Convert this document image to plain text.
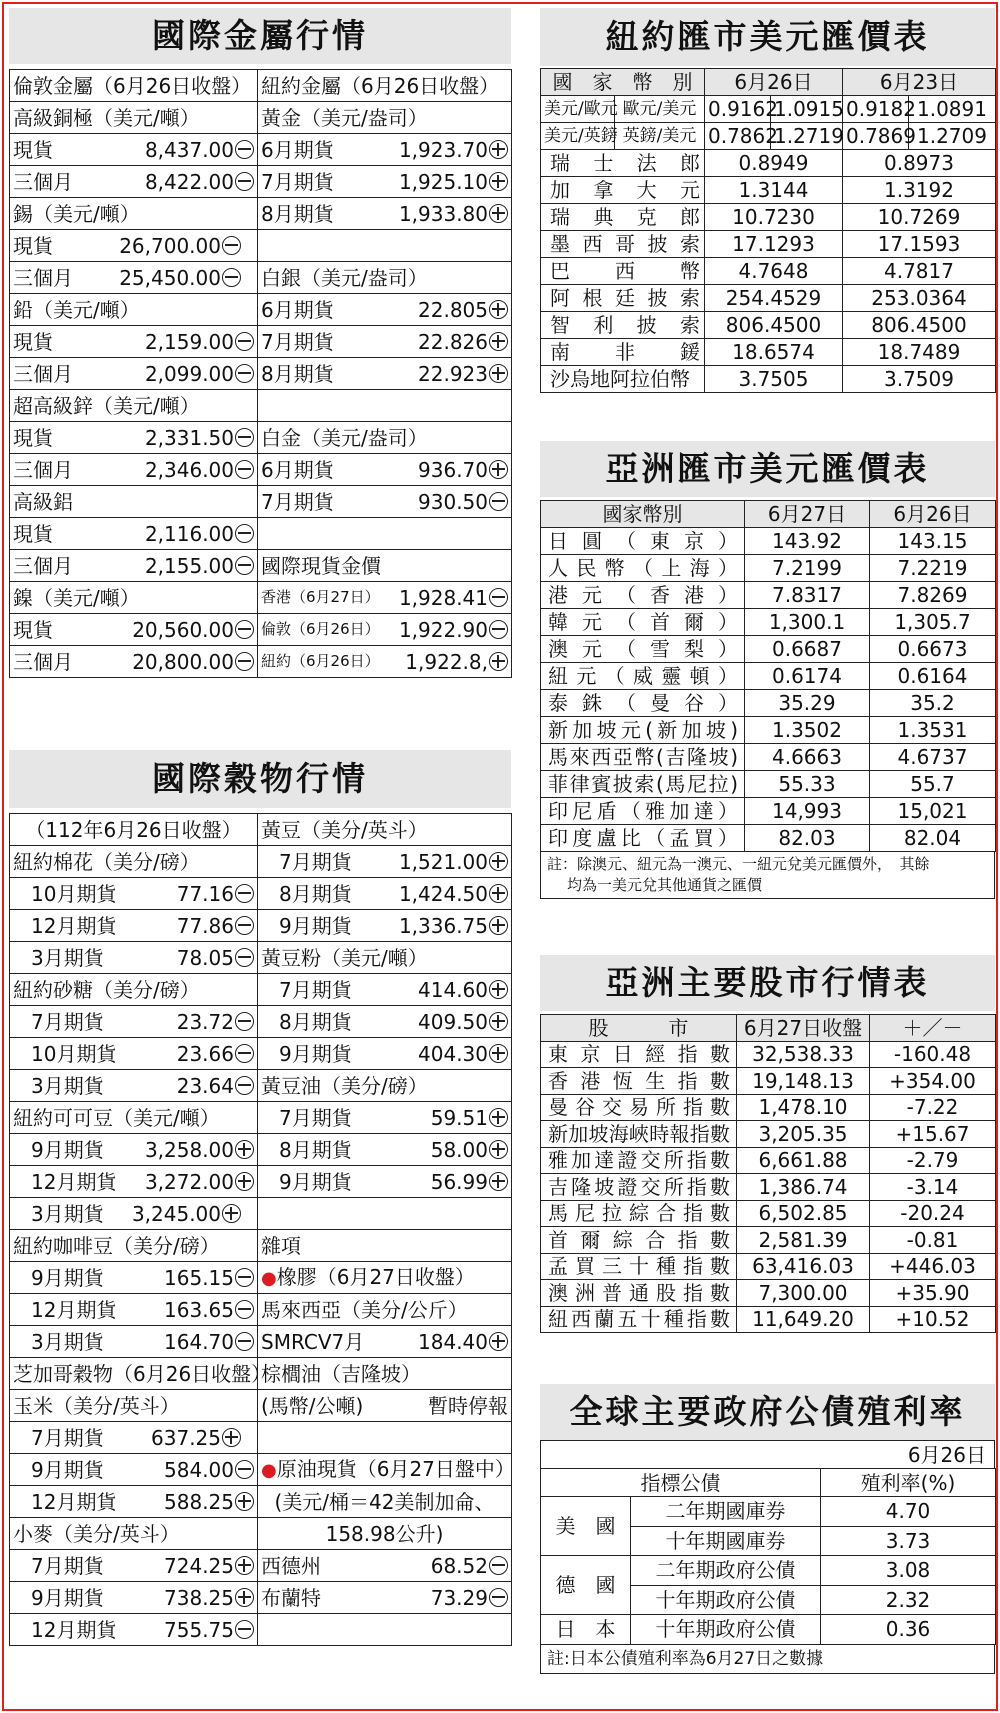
國際金屬行情
倫敦金屬（6月26日收盤）	紐約金屬（6月26日收盤）
高級銅極（美元/噸）	黃金（美元/盎司）

現貨 8,437.00	6月期貨 1,923.70

三個月 8,422.00	7月期貨 1,925.10

錫（美元/噸）	8月期貨 1,933.80

現貨 26,700.00	

三個月 25,450.00	白銀（美元/盎司）
鉛（美元/噸）	6月期貨 22.805

現貨 2,159.00	7月期貨 22.826

三個月 2,099.00	8月期貨 22.923

超高級鋅（美元/噸）	

現貨 2,331.50	白金（美元/盎司）

三個月 2,346.00	6月期貨 936.70

高級鋁	7月期貨 930.50

現貨 2,116.00	

三個月 2,155.00	國際現貨金價
鎳（美元/噸）	香港（6月27日） 1,928.41

現貨 20,560.00	倫敦（6月26日） 1,922.90

三個月 20,800.00	紐約（6月26日） 1,922.8,
國際穀物行情
（112年6月26日收盤）	黃豆（美分/英斗）
紐約棉花（美分/磅）	7月期貨 1,521.00

10月期貨 77.16	8月期貨 1,424.50

12月期貨 77.86	9月期貨 1,336.75

3月期貨 78.05	黃豆粉（美元/噸）
紐約砂糖（美分/磅）	7月期貨 414.60

7月期貨 23.72	8月期貨 409.50

10月期貨 23.66	9月期貨 404.30

3月期貨 23.64	黃豆油（美分/磅）
紐約可可豆（美元/噸）	7月期貨 59.51

9月期貨 3,258.00	8月期貨 58.00

12月期貨 3,272.00	9月期貨 56.99

3月期貨 3,245.00	

紐約咖啡豆（美分/磅）	雜項

9月期貨 165.15	●橡膠（6月27日收盤）

12月期貨 163.65	馬來西亞（美分/公斤）

3月期貨 164.70	SMRCV7月 184.40

芝加哥穀物（6月26日收盤）	棕櫚油（吉隆坡）
玉米（美分/英斗）	(馬幣/公噸) 暫時停報

7月期貨 637.25	

9月期貨 584.00	●原油現貨（6月27日盤中）

12月期貨 588.25	(美元/桶＝42美制加侖、
小麥（美分/英斗）	158.98公升)

7月期貨 724.25	西德州 68.52

9月期貨 738.25	布蘭特 73.29

12月期貨 755.75	

紐約匯市美元匯價表
國　家　幣　別		6月26日		6月23日	
美元/歐元	歐元/美元	0.9162	1.0915	0.9182	1.0891
美元/英鎊	英鎊/美元	0.7862	1.2719	0.7869	1.2709

瑞士法郎		0.8949		0.8973	

加拿大元		1.3144		1.3192	

瑞典克郎		10.7230		10.7269	

墨西哥披索		17.1293		17.1593	

巴西幣		4.7648		4.7817	

阿根廷披索		254.4529		253.0364	

智利披索		806.4500		806.4500	

南非鍰		18.6574		18.7489	

沙烏地阿拉伯幣		3.7505		3.7509	
亞洲匯市美元匯價表
國家幣別	6月27日	6月26日

日圓（東京）	143.92	143.15

人民幣（上海）	7.2199	7.2219

港元（香港）	7.8317	7.8269

韓元（首爾）	1,300.1	1,305.7

澳元（雪梨）	0.6687	0.6673

紐元（威靈頓）	0.6174	0.6164

泰銖（曼谷）	35.29	35.2

新加坡元(新加坡)	1.3502	1.3531

馬來西亞幣(吉隆坡)	4.6663	4.6737

菲律賓披索(馬尼拉)	55.33	55.7

印尼盾（雅加達）	14,993	15,021

印度盧比（孟買）	82.03	82.04
註：除澳元、紐元為一澳元、一紐元兌美元匯價外，　其餘
均為一美元兌其他通貨之匯價
亞洲主要股市行情表
股　　　市	6月27日收盤	＋／－

東京日經指數	32,538.33	-160.48

香港恆生指數	19,148.13	+354.00

曼谷交易所指數	1,478.10	-7.22

新加坡海峽時報指數	3,205.35	+15.67

雅加達證交所指數	6,661.88	-2.79

吉隆坡證交所指數	1,386.74	-3.14

馬尼拉綜合指數	6,502.85	-20.24

首爾綜合指數	2,581.39	-0.81

孟買三十種指數	63,416.03	+446.03

澳洲普通股指數	7,300.00	+35.90

紐西蘭五十種指數	11,649.20	+10.52
全球主要政府公債殖利率
6月26日
指標公債		殖利率(%)
美　國	二年期國庫券	4.70
	十年期國庫券	3.73
德　國	二年期政府公債	3.08
	十年期政府公債	2.32
日　本	十年期政府公債	0.36
註:日本公債殖利率為6月27日之數據
